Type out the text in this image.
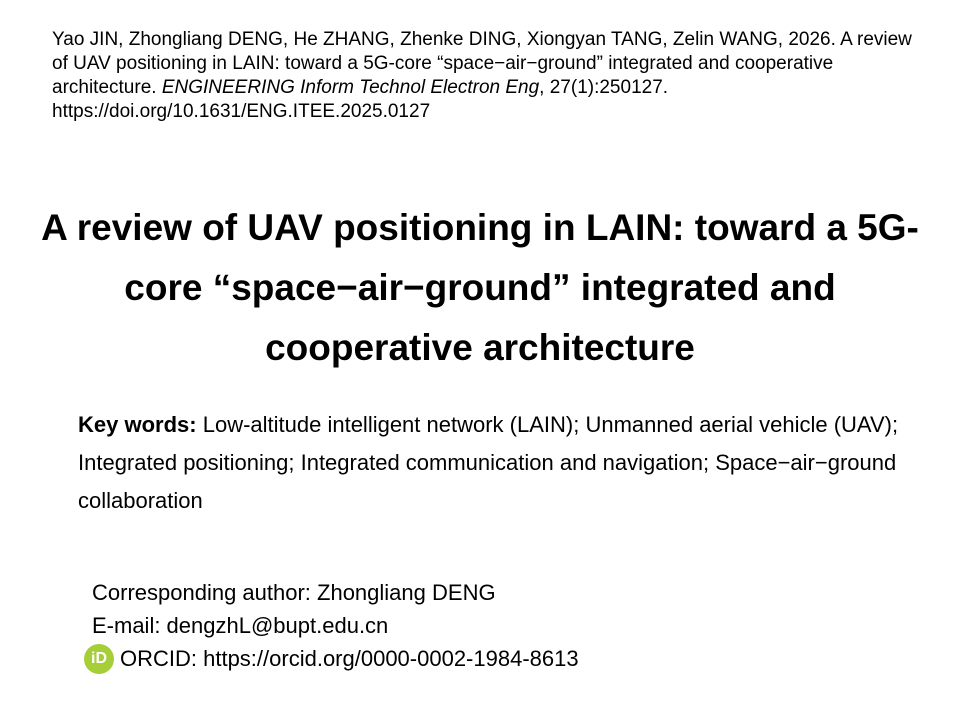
Yao JIN, Zhongliang DENG, He ZHANG, Zhenke DING, Xiongyan TANG, Zelin WANG, 2026. A review of UAV positioning in LAIN: toward a 5G-core “space−air−ground” integrated and cooperative architecture. ENGINEERING Inform Technol Electron Eng, 27(1):250127.
https://doi.org/10.1631/ENG.ITEE.2025.0127
A review of UAV positioning in LAIN: toward a 5G-core “space−air−ground” integrated and cooperative architecture
Key words: Low-altitude intelligent network (LAIN); Unmanned aerial vehicle (UAV); Integrated positioning; Integrated communication and navigation; Space−air−ground collaboration
Corresponding author: Zhongliang DENG
E-mail: dengzhL@bupt.edu.cn
iD ORCID: https://orcid.org/0000-0002-1984-8613
